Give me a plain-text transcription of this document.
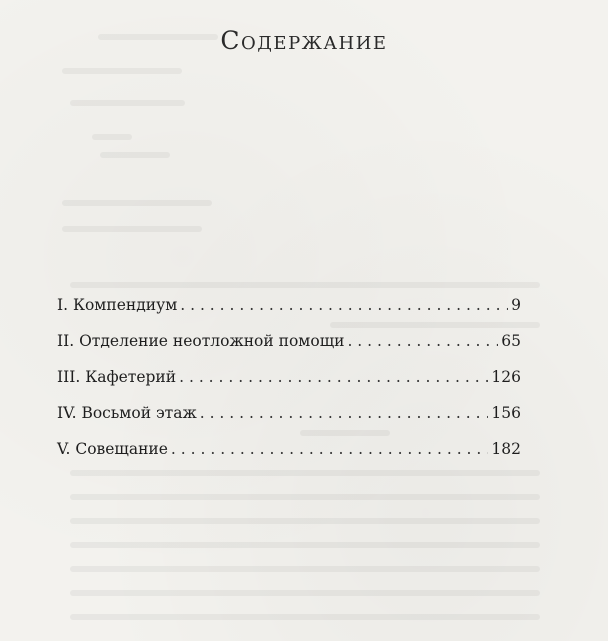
Содержание
I. Компендиум . . .	9
II. Отделение неотложной помощи . . .	65
III. Кафетерий . . .	126
IV. Восьмой этаж . . .	156
V. Совещание . . .	182
